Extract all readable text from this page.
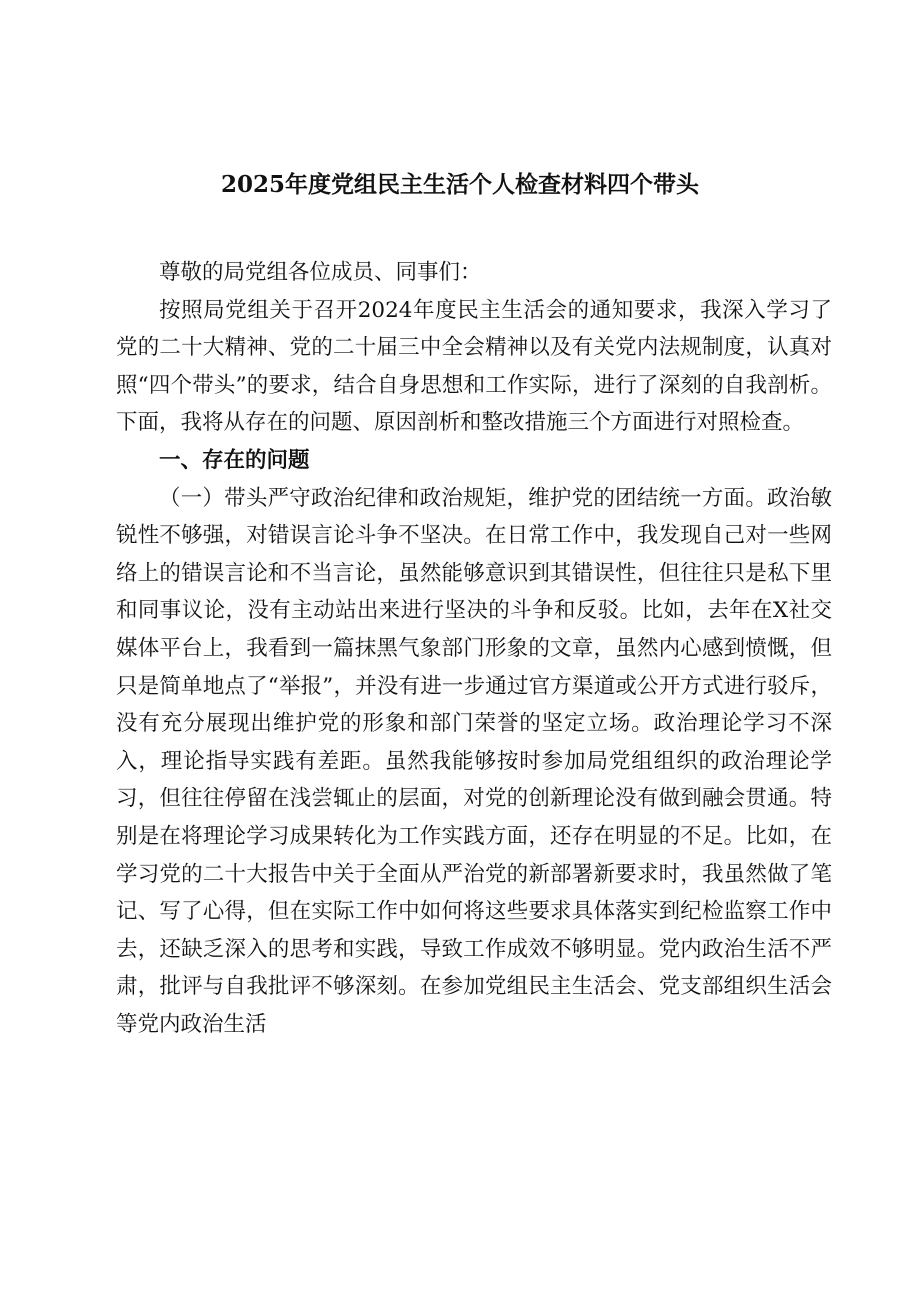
2025年度党组民主生活个人检查材料四个带头

尊敬的局党组各位成员、同事们：

按照局党组关于召开2024年度民主生活会的通知要求，我深入学习了党的二十大精神、党的二十届三中全会精神以及有关党内法规制度，认真对照“四个带头”的要求，结合自身思想和工作实际，进行了深刻的自我剖析。下面，我将从存在的问题、原因剖析和整改措施三个方面进行对照检查。

一、存在的问题

（一）带头严守政治纪律和政治规矩，维护党的团结统一方面。政治敏锐性不够强，对错误言论斗争不坚决。在日常工作中，我发现自己对一些网络上的错误言论和不当言论，虽然能够意识到其错误性，但往往只是私下里和同事议论，没有主动站出来进行坚决的斗争和反驳。比如，去年在X社交媒体平台上，我看到一篇抹黑气象部门形象的文章，虽然内心感到愤慨，但只是简单地点了“举报”，并没有进一步通过官方渠道或公开方式进行驳斥，没有充分展现出维护党的形象和部门荣誉的坚定立场。政治理论学习不深入，理论指导实践有差距。虽然我能够按时参加局党组组织的政治理论学习，但往往停留在浅尝辄止的层面，对党的创新理论没有做到融会贯通。特别是在将理论学习成果转化为工作实践方面，还存在明显的不足。比如，在学习党的二十大报告中关于全面从严治党的新部署新要求时，我虽然做了笔记、写了心得，但在实际工作中如何将这些要求具体落实到纪检监察工作中去，还缺乏深入的思考和实践，导致工作成效不够明显。党内政治生活不严肃，批评与自我批评不够深刻。在参加党组民主生活会、党支部组织生活会等党内政治生活
